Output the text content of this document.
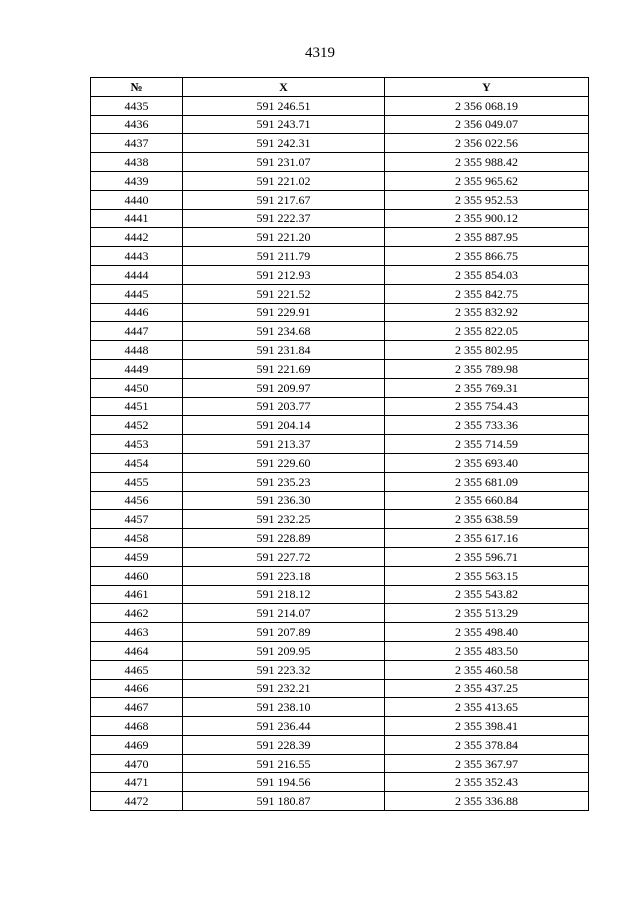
4319
№	X	Y
4435	591 246.51	2 356 068.19
4436	591 243.71	2 356 049.07
4437	591 242.31	2 356 022.56
4438	591 231.07	2 355 988.42
4439	591 221.02	2 355 965.62
4440	591 217.67	2 355 952.53
4441	591 222.37	2 355 900.12
4442	591 221.20	2 355 887.95
4443	591 211.79	2 355 866.75
4444	591 212.93	2 355 854.03
4445	591 221.52	2 355 842.75
4446	591 229.91	2 355 832.92
4447	591 234.68	2 355 822.05
4448	591 231.84	2 355 802.95
4449	591 221.69	2 355 789.98
4450	591 209.97	2 355 769.31
4451	591 203.77	2 355 754.43
4452	591 204.14	2 355 733.36
4453	591 213.37	2 355 714.59
4454	591 229.60	2 355 693.40
4455	591 235.23	2 355 681.09
4456	591 236.30	2 355 660.84
4457	591 232.25	2 355 638.59
4458	591 228.89	2 355 617.16
4459	591 227.72	2 355 596.71
4460	591 223.18	2 355 563.15
4461	591 218.12	2 355 543.82
4462	591 214.07	2 355 513.29
4463	591 207.89	2 355 498.40
4464	591 209.95	2 355 483.50
4465	591 223.32	2 355 460.58
4466	591 232.21	2 355 437.25
4467	591 238.10	2 355 413.65
4468	591 236.44	2 355 398.41
4469	591 228.39	2 355 378.84
4470	591 216.55	2 355 367.97
4471	591 194.56	2 355 352.43
4472	591 180.87	2 355 336.88
